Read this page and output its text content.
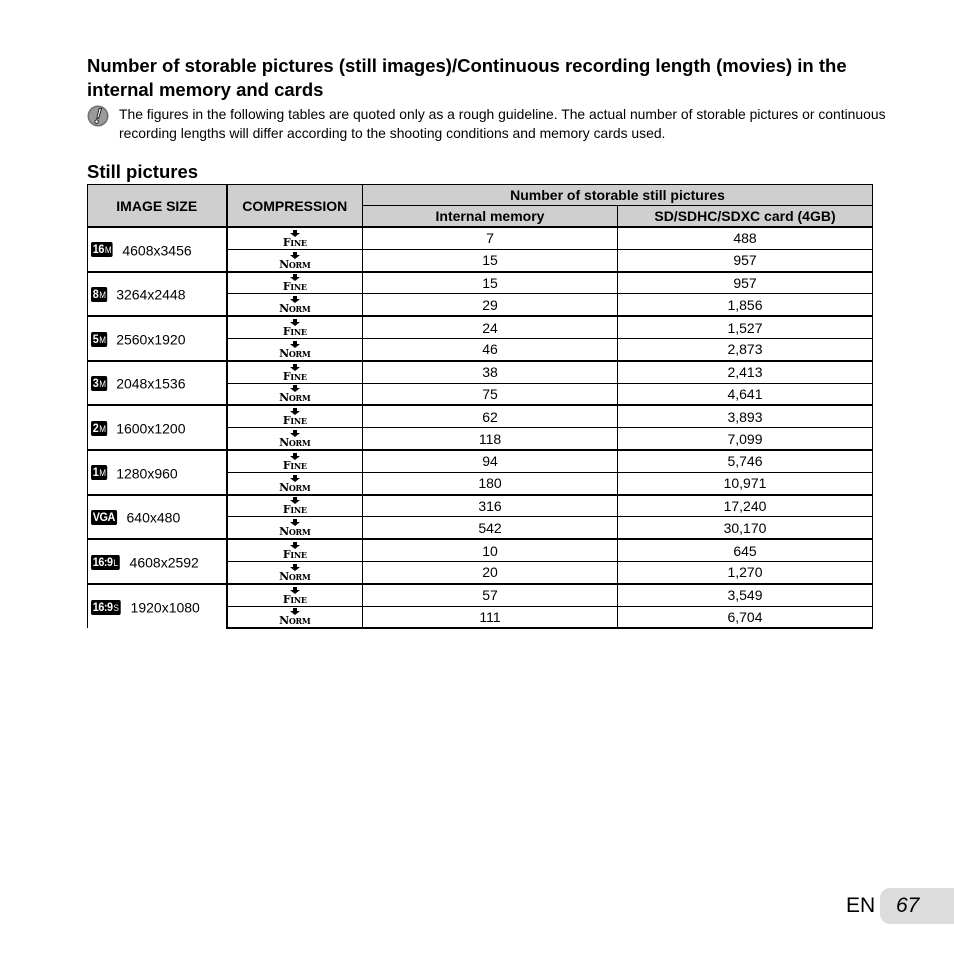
Number of storable pictures (still images)/Continuous recording length (movies) in the internal memory and cards
The figures in the following tables are quoted only as a rough guideline. The actual number of storable pictures or continuous recording lengths will differ according to the shooting conditions and memory cards used.
Still pictures
IMAGE SIZE	COMPRESSION	Number of storable still pictures	
		Internal memory	SD/SDHC/SDXC card (4GB)
16M 4608x3456	FINE	7	488

NORM	15	957
8M 3264x2448	FINE	15	957

NORM	29	1,856
5M 2560x1920	FINE	24	1,527

NORM	46	2,873
3M 2048x1536	FINE	38	2,413

NORM	75	4,641
2M 1600x1200	FINE	62	3,893

NORM	118	7,099
1M 1280x960	FINE	94	5,746

NORM	180	10,971
VGA 640x480	FINE	316	17,240

NORM	542	30,170
16:9L 4608x2592	FINE	10	645

NORM	20	1,270
16:9S 1920x1080	FINE	57	3,549

NORM	111	6,704
EN 67
